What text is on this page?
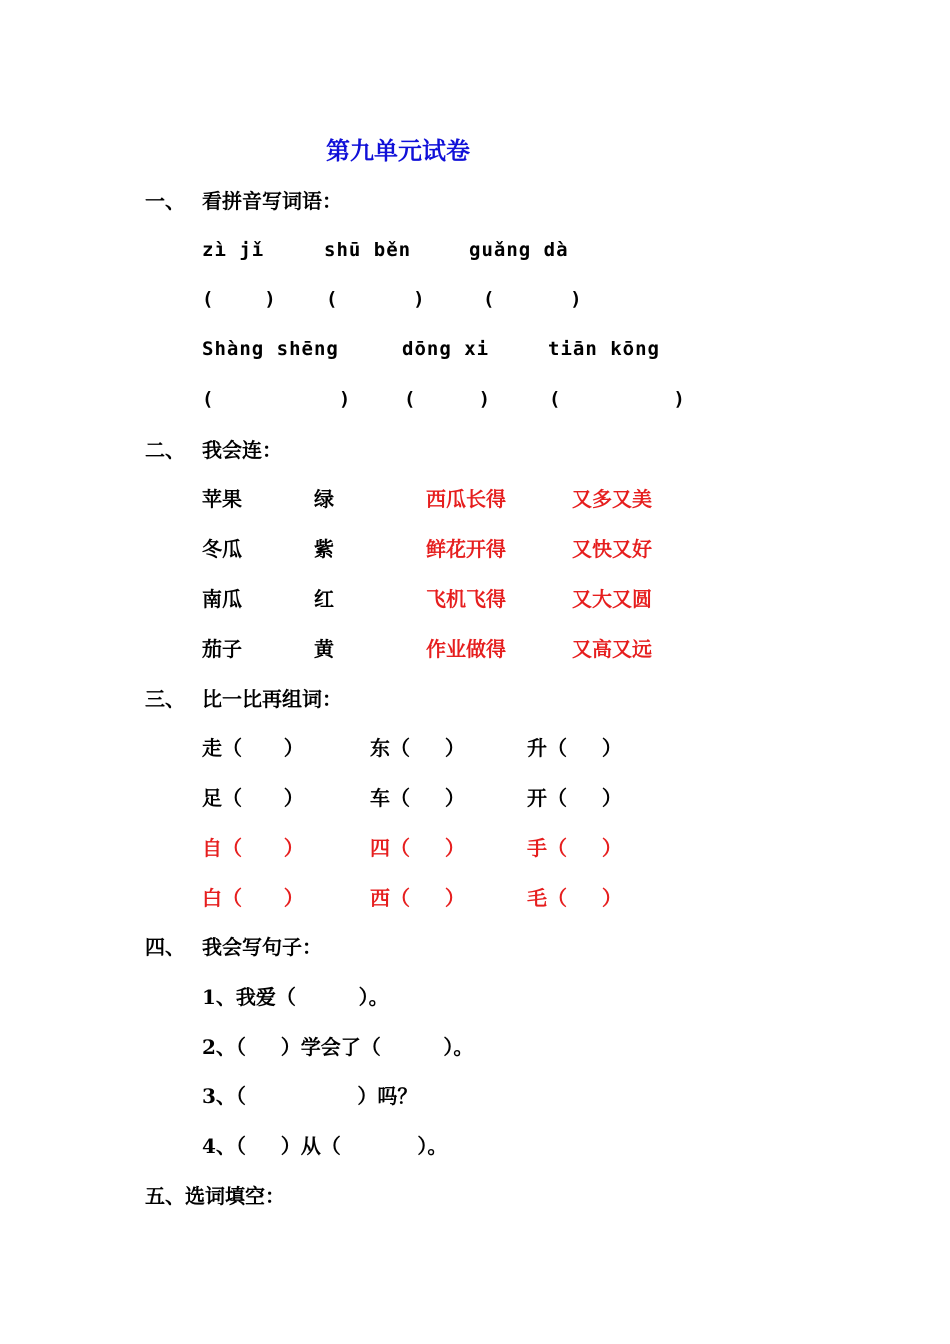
第九单元试卷
一、 看拼音写词语：
zì jǐ	shū běn	guǎng dà
(    )	(      )	(      )
Shàng shēng	dōng xi	tiān kōng
(          )	(     )	(         )
二、 我会连：
苹果	绿	西瓜长得	又多又美
冬瓜	紫	鲜花开得	又快又好
南瓜	红	飞机飞得	又大又圆
茄子	黄	作业做得	又高又远
三、 比一比再组词：
走（      ）	东（     ）	升（     ）
足（      ）	车（     ）	开（     ）
自（      ）	四（     ）	手（     ）
白（      ）	西（     ）	毛（     ）
四、 我会写句子：
1、我爱（         ）。
2、（     ）学会了（         ）。
3、（                ）吗？
4、（     ）从（           ）。
五、选词填空：
